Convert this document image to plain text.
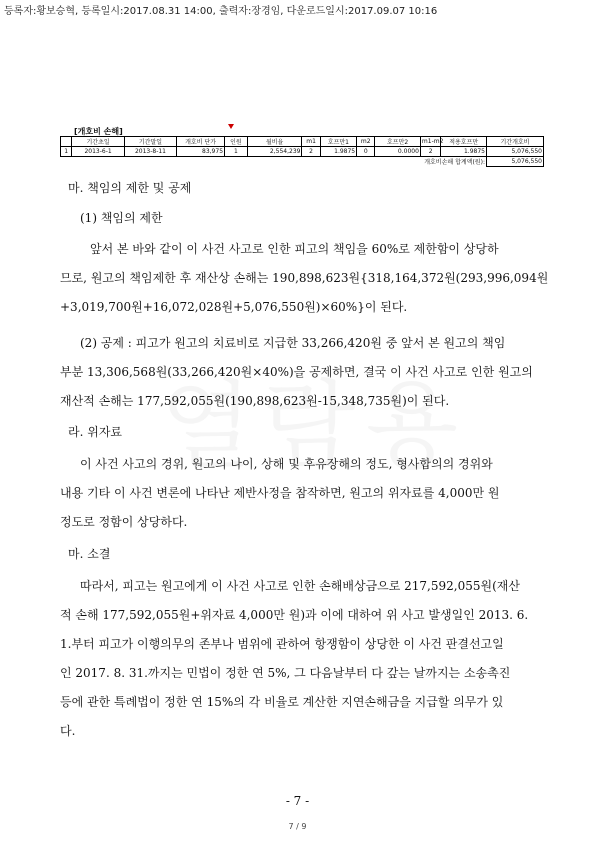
등록자:황보승혁, 등록일시:2017.08.31 14:00, 출력자:장경임, 다운로드일시:2017.09.07 10:16
[개호비 손해]
	기간초일	기간말일	개호비 단가	인원	월비율	m1	호프만1	m2	호프만2	m1-m2	적용호프만	기간개호비
1	2013-6-1	2013-8-11	83,975	1	2,554,239	2	1.9875	0	0.0000	2	1.9875	5,076,550
								개호비손해 합계액(원):				5,076,550
마. 책임의 제한 및 공제
(1) 책임의 제한
앞서 본 바와 같이 이 사건 사고로 인한 피고의 책임을 60%로 제한함이 상당하
므로, 원고의 책임제한 후 재산상 손해는 190,898,623원{318,164,372원(293,996,094원
+3,019,700원+16,072,028원+5,076,550원)×60%}이 된다.
(2) 공제 : 피고가 원고의 치료비로 지급한 33,266,420원 중 앞서 본 원고의 책임
부분 13,306,568원(33,266,420원×40%)을 공제하면, 결국 이 사건 사고로 인한 원고의
재산적 손해는 177,592,055원(190,898,623원-15,348,735원)이 된다.
라. 위자료
이 사건 사고의 경위, 원고의 나이, 상해 및 후유장해의 정도, 형사합의의 경위와
내용 기타 이 사건 변론에 나타난 제반사정을 참작하면, 원고의 위자료를 4,000만 원
정도로 정함이 상당하다.
마. 소결
따라서, 피고는 원고에게 이 사건 사고로 인한 손해배상금으로 217,592,055원(재산
적 손해 177,592,055원+위자료 4,000만 원)과 이에 대하여 위 사고 발생일인 2013. 6.
1.부터 피고가 이행의무의 존부나 범위에 관하여 항쟁함이 상당한 이 사건 판결선고일
인 2017. 8. 31.까지는 민법이 정한 연 5%, 그 다음날부터 다 갚는 날까지는 소송촉진
등에 관한 특례법이 정한 연 15%의 각 비율로 계산한 지연손해금을 지급할 의무가 있
다.
- 7 -
7 / 9
